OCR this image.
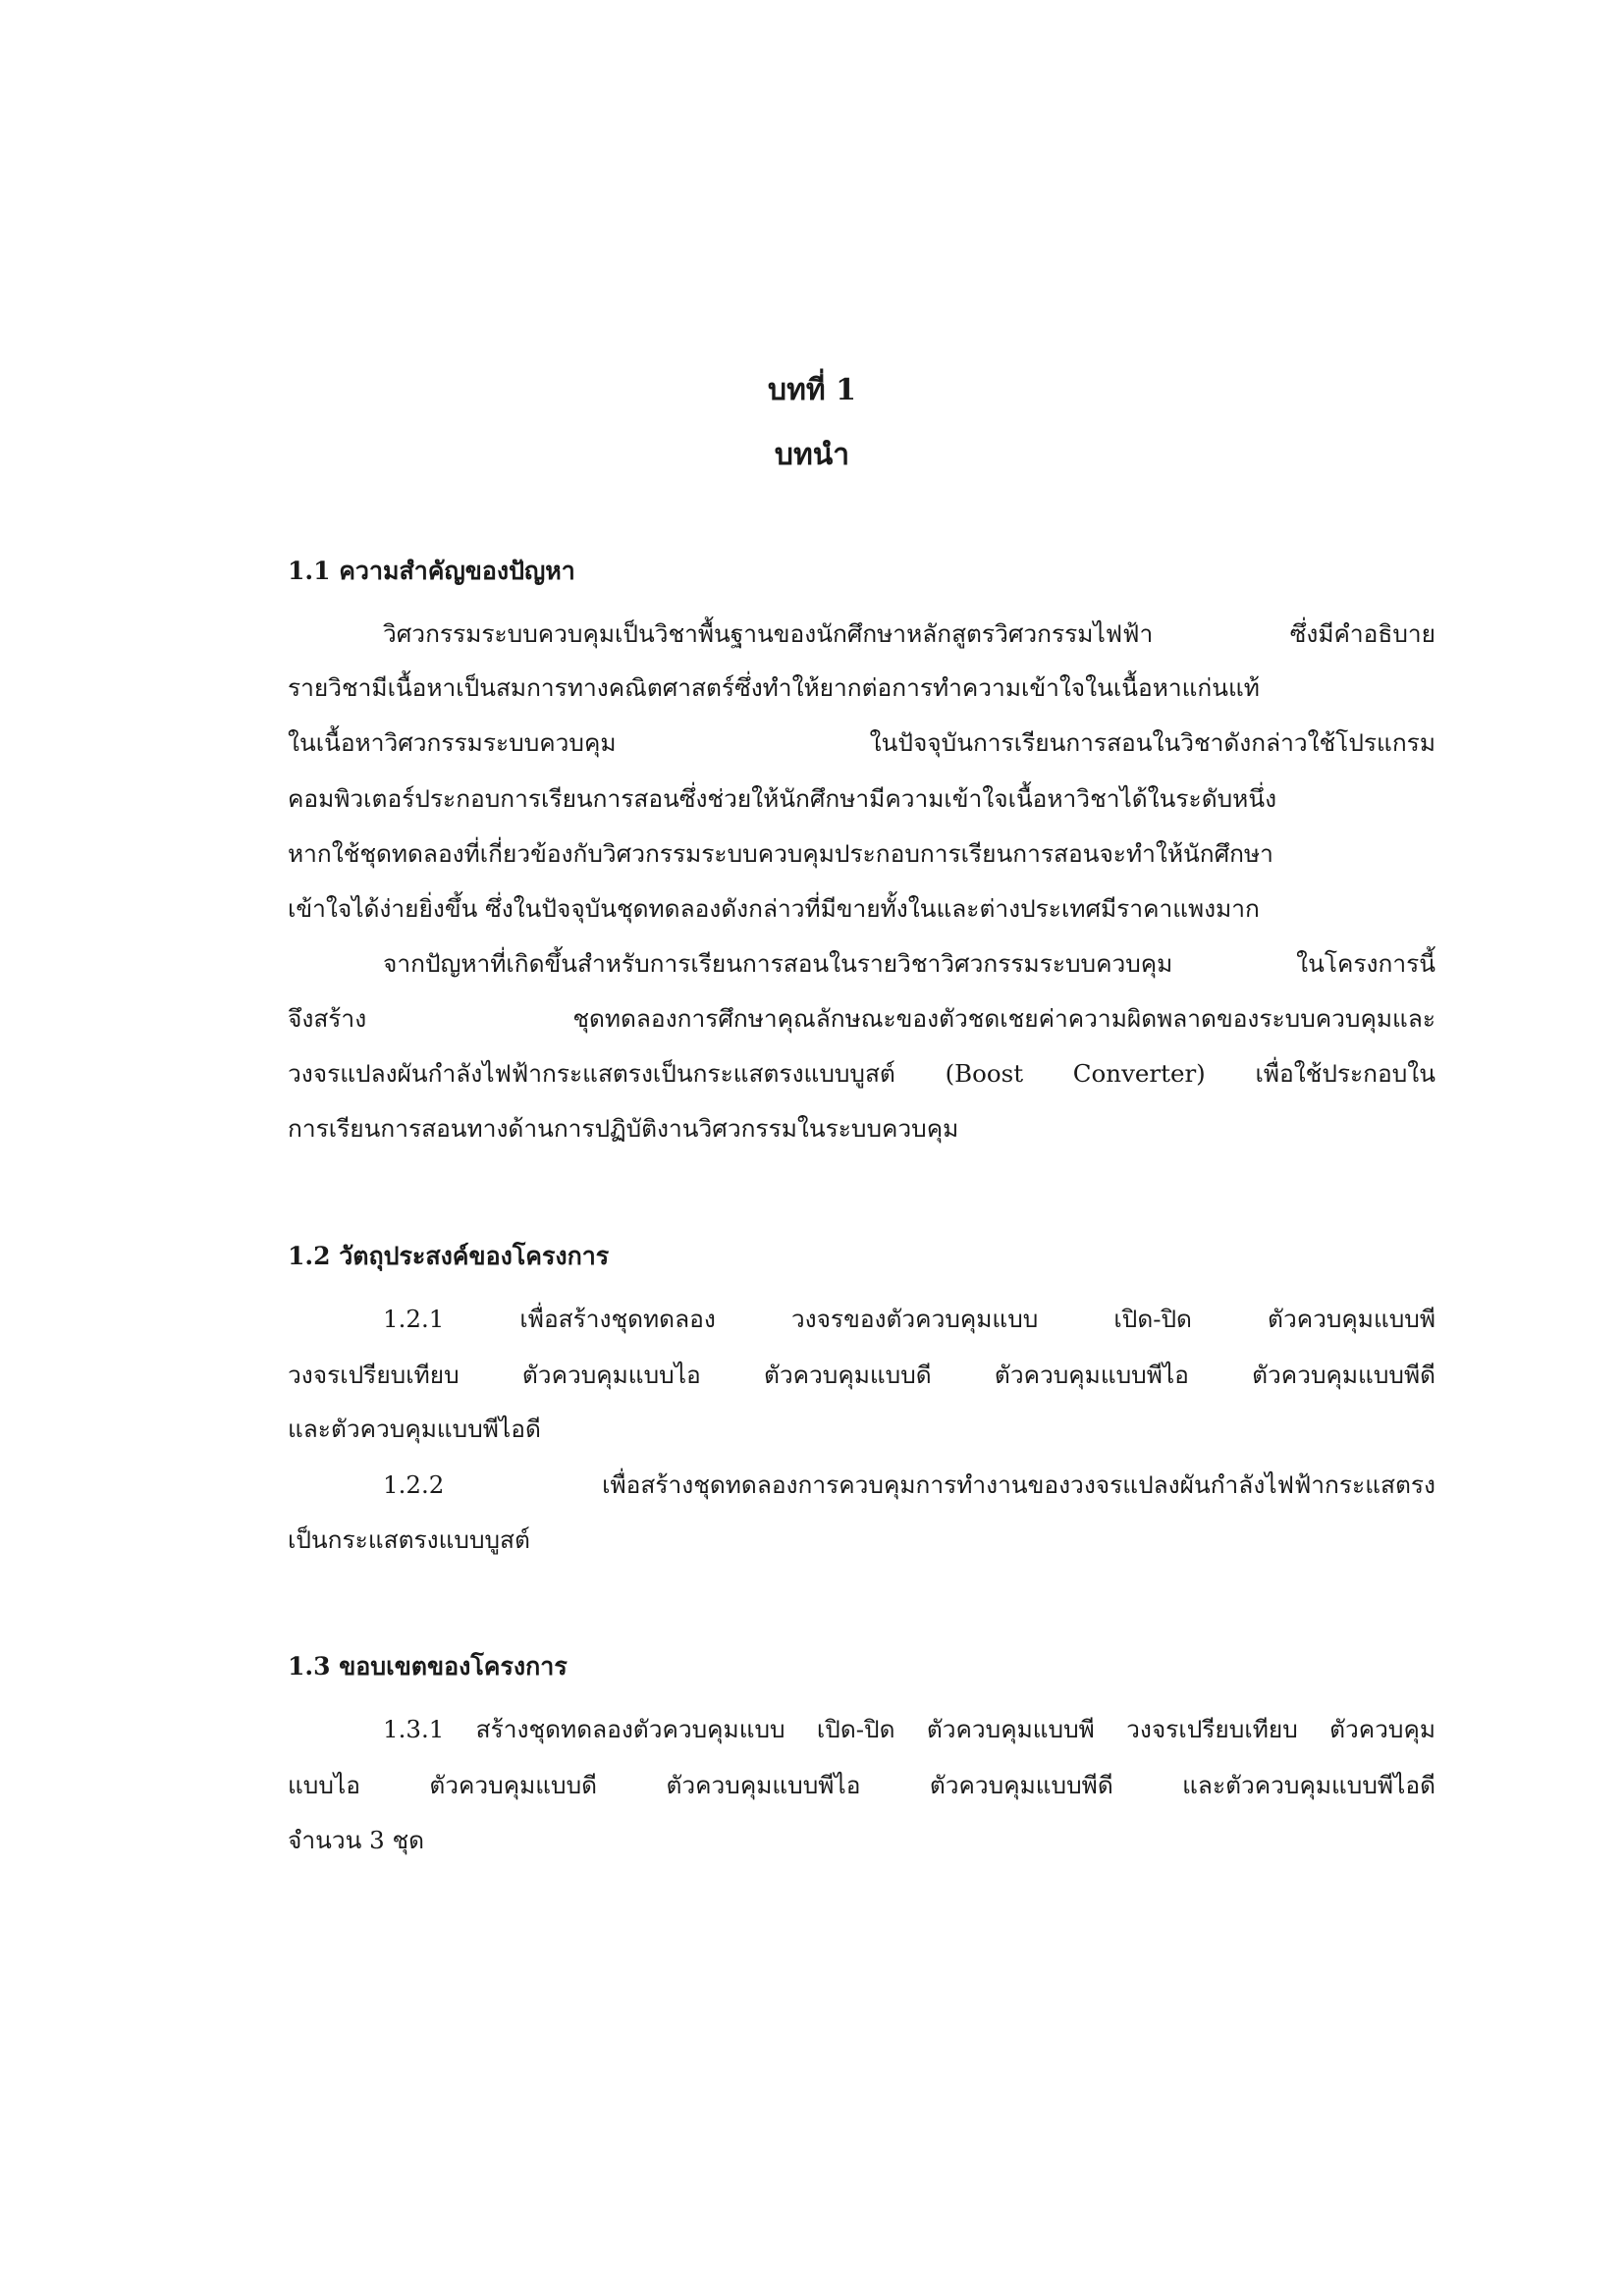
บทที่ 1
บทนำ
1.1 ความสำคัญของปัญหา
วิศวกรรมระบบควบคุมเป็นวิชาพื้นฐานของนักศึกษาหลักสูตรวิศวกรรมไฟฟ้า ซึ่งมีคำอธิบาย
รายวิชามีเนื้อหาเป็นสมการทางคณิตศาสตร์ซึ่งทำให้ยากต่อการทำความเข้าใจในเนื้อหาแก่นแท้
ในเนื้อหาวิศวกรรมระบบควบคุม ในปัจจุบันการเรียนการสอนในวิชาดังกล่าวใช้โปรแกรม
คอมพิวเตอร์ประกอบการเรียนการสอนซึ่งช่วยให้นักศึกษามีความเข้าใจเนื้อหาวิชาได้ในระดับหนึ่ง
หากใช้ชุดทดลองที่เกี่ยวข้องกับวิศวกรรมระบบควบคุมประกอบการเรียนการสอนจะทำให้นักศึกษา
เข้าใจได้ง่ายยิ่งขึ้น ซึ่งในปัจจุบันชุดทดลองดังกล่าวที่มีขายทั้งในและต่างประเทศมีราคาแพงมาก
จากปัญหาที่เกิดขึ้นสำหรับการเรียนการสอนในรายวิชาวิศวกรรมระบบควบคุม ในโครงการนี้
จึงสร้าง ชุดทดลองการศึกษาคุณลักษณะของตัวชดเชยค่าความผิดพลาดของระบบควบคุมและ
วงจรแปลงผันกำลังไฟฟ้ากระแสตรงเป็นกระแสตรงแบบบูสต์ (Boost Converter) เพื่อใช้ประกอบใน
การเรียนการสอนทางด้านการปฏิบัติงานวิศวกรรมในระบบควบคุม
1.2 วัตถุประสงค์ของโครงการ
1.2.1 เพื่อสร้างชุดทดลอง วงจรของตัวควบคุมแบบ เปิด-ปิด ตัวควบคุมแบบพี
วงจรเปรียบเทียบ ตัวควบคุมแบบไอ ตัวควบคุมแบบดี ตัวควบคุมแบบพีไอ ตัวควบคุมแบบพีดี
และตัวควบคุมแบบพีไอดี
1.2.2 เพื่อสร้างชุดทดลองการควบคุมการทำงานของวงจรแปลงผันกำลังไฟฟ้ากระแสตรง
เป็นกระแสตรงแบบบูสต์
1.3 ขอบเขตของโครงการ
1.3.1 สร้างชุดทดลองตัวควบคุมแบบ เปิด-ปิด ตัวควบคุมแบบพี วงจรเปรียบเทียบ ตัวควบคุม
แบบไอ ตัวควบคุมแบบดี ตัวควบคุมแบบพีไอ ตัวควบคุมแบบพีดี และตัวควบคุมแบบพีไอดี
จำนวน 3 ชุด
